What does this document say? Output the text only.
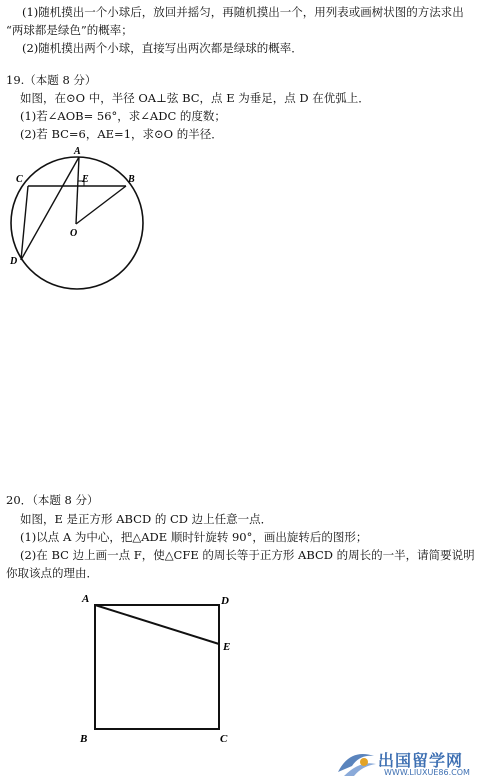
(1)随机摸出一个小球后，放回并摇匀，再随机摸出一个，用列表或画树状图的方法求出
“两球都是绿色”的概率；
(2)随机摸出两个小球，直接写出两次都是绿球的概率．
19.（本题 8 分）
如图，在⊙O 中，半径 OA⊥弦 BC，点 E 为垂足，点 D 在优弧上．
(1)若∠AOB= 56°，求∠ADC 的度数；
(2)若 BC=6，AE=1，求⊙O 的半径．
A
C	E	B
O
D
20．（本题 8 分）
如图，E 是正方形 ABCD 的 CD 边上任意一点．
(1)以点 A 为中心，把△ADE 顺时针旋转 90°，画出旋转后的图形；
(2)在 BC 边上画一点 F，使△CFE 的周长等于正方形 ABCD 的周长的一半，请简要说明
你取该点的理由．
A	D
E
B	C
出国留学网
WWW.LIUXUE86.COM
